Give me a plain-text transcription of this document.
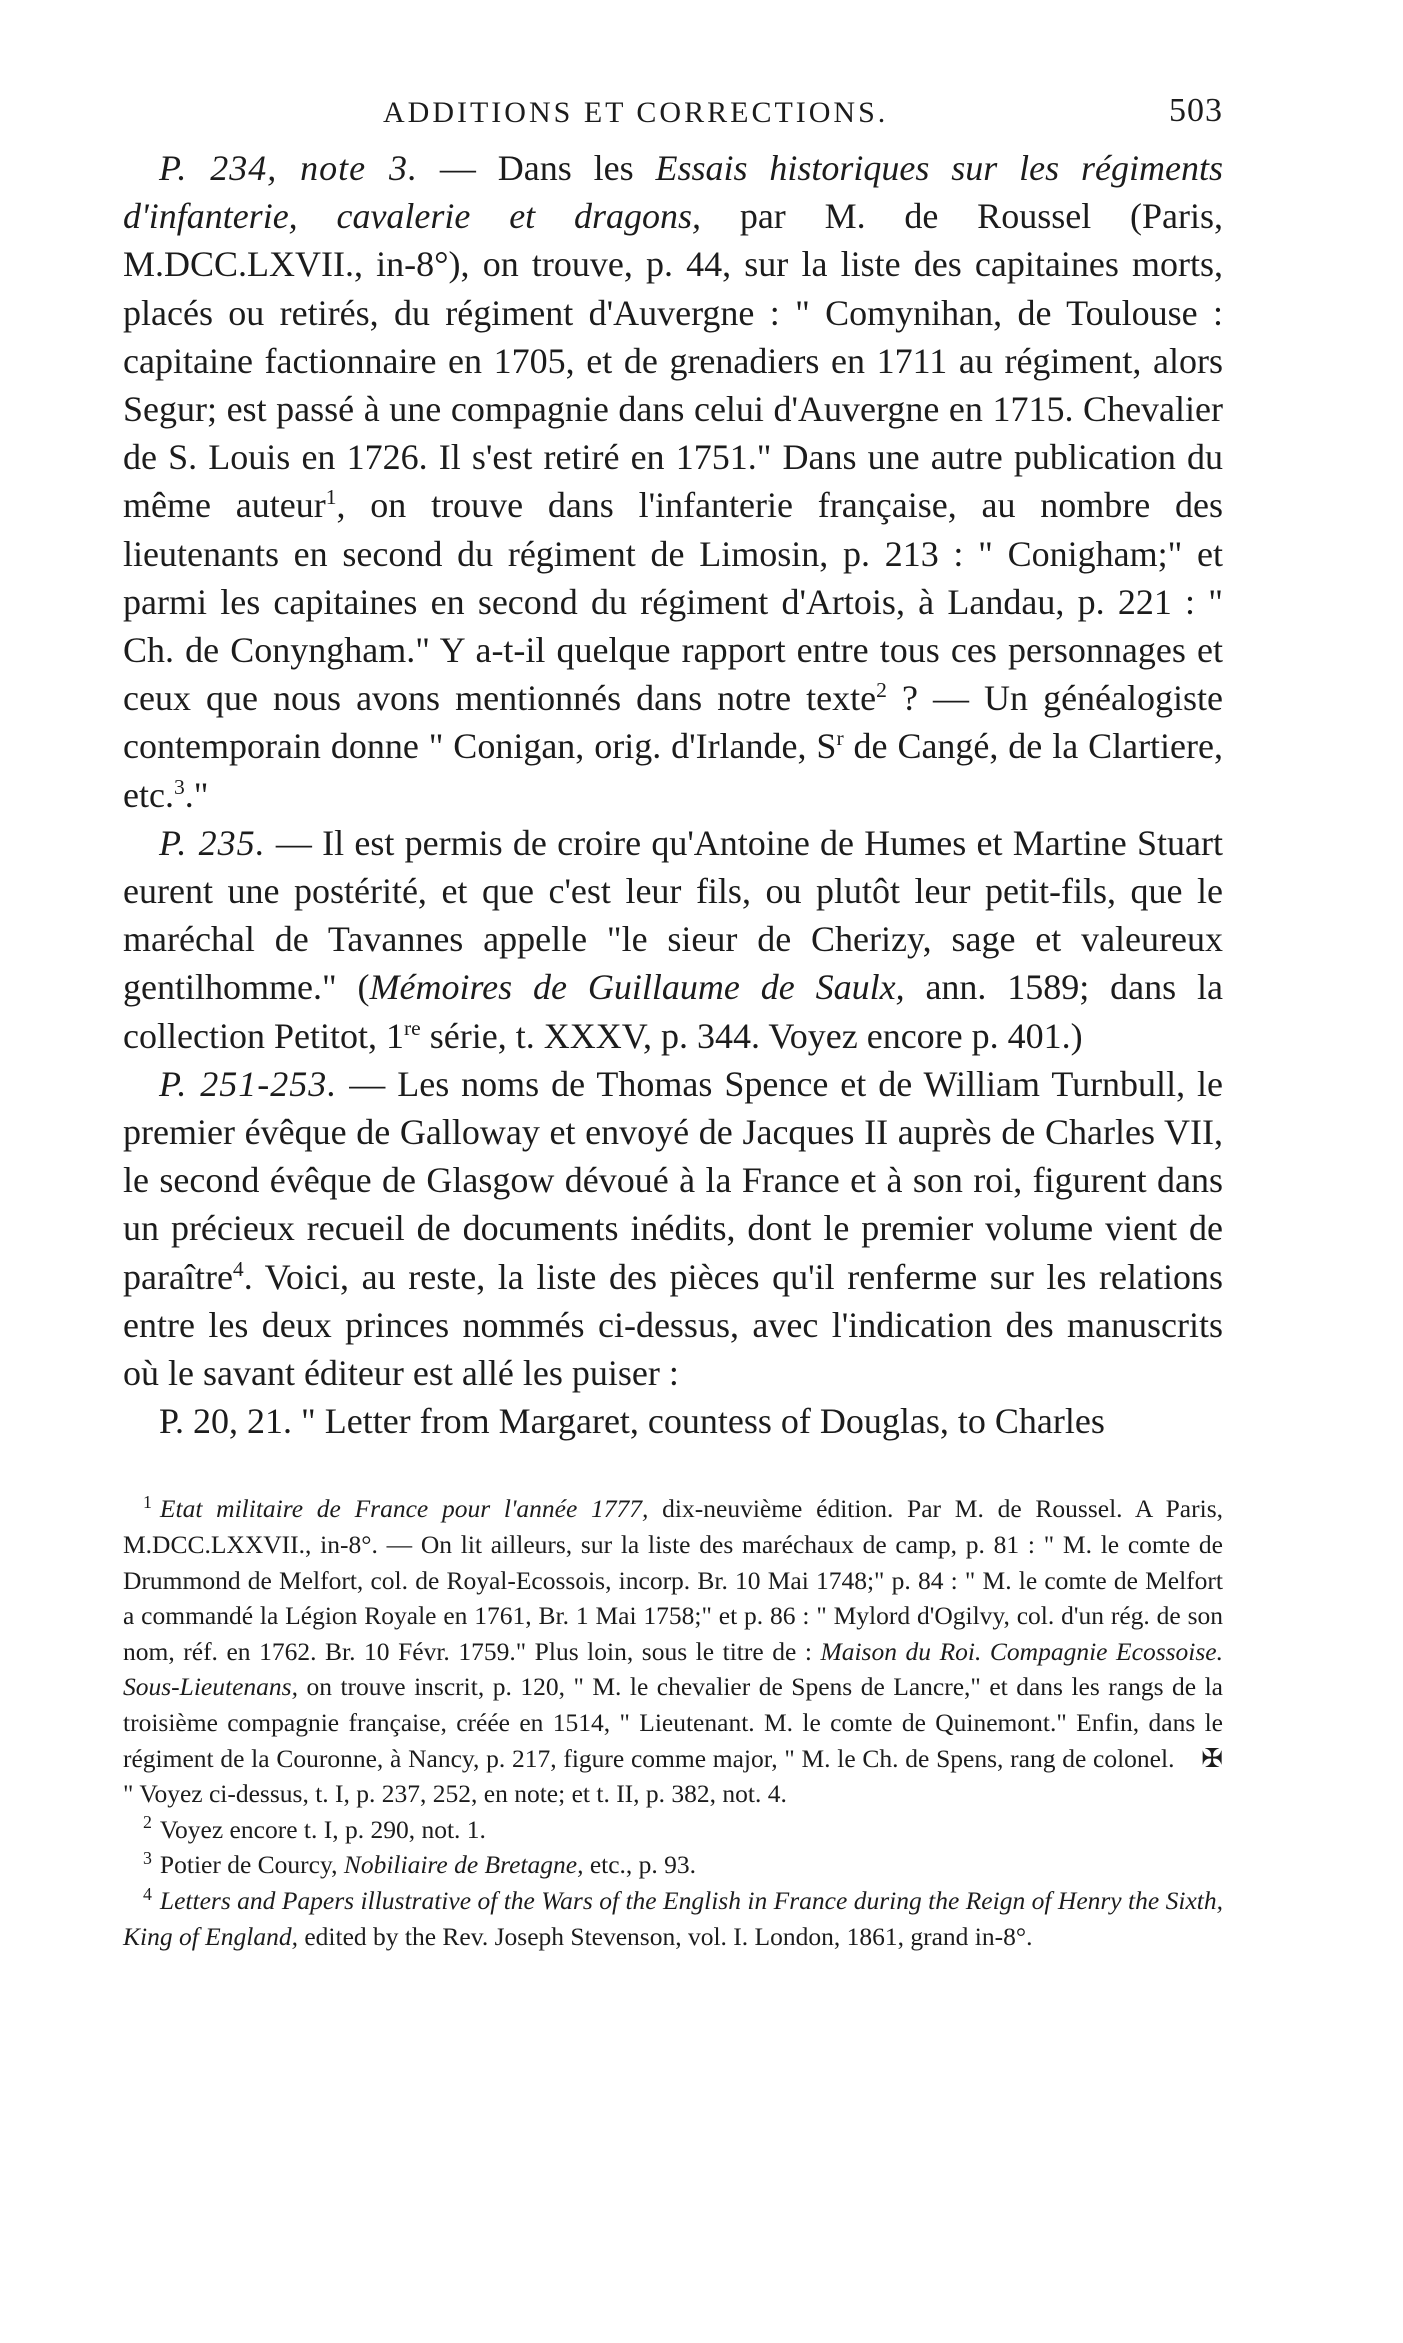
ADDITIONS ET CORRECTIONS.	503

P. 234, note 3. — Dans les Essais historiques sur les régiments d'infanterie, cavalerie et dragons, par M. de Roussel (Paris, M.DCC.LXVII., in-8°), on trouve, p. 44, sur la liste des capitaines morts, placés ou retirés, du régiment d'Auvergne : " Comynihan, de Toulouse : capitaine factionnaire en 1705, et de grenadiers en 1711 au régiment, alors Segur; est passé à une compagnie dans celui d'Auvergne en 1715. Chevalier de S. Louis en 1726. Il s'est retiré en 1751." Dans une autre publication du même auteur$^1$, on trouve dans l'infanterie française, au nombre des lieutenants en second du régiment de Limosin, p. 213 : " Conigham;" et parmi les capitaines en second du régiment d'Artois, à Landau, p. 221 : " Ch. de Conyngham." Y a-t-il quelque rapport entre tous ces personnages et ceux que nous avons mentionnés dans notre texte$^2$ ? — Un généalogiste contemporain donne " Conigan, orig. d'Irlande, $S^r$ de Cangé, de la Clartiere, etc.$^3$."

P. 235. — Il est permis de croire qu'Antoine de Humes et Martine Stuart eurent une postérité, et que c'est leur fils, ou plutôt leur petit-fils, que le maréchal de Tavannes appelle "le sieur de Cherizy, sage et valeureux gentilhomme." (Mémoires de Guillaume de Saulx, ann. 1589; dans la collection Petitot, 1re série, t. XXXV, p. 344. Voyez encore p. 401.)

P. 251-253. — Les noms de Thomas Spence et de William Turnbull, le premier évêque de Galloway et envoyé de Jacques II auprès de Charles VII, le second évêque de Glasgow dévoué à la France et à son roi, figurent dans un précieux recueil de documents inédits, dont le premier volume vient de paraître$^4$. Voici, au reste, la liste des pièces qu'il renferme sur les relations entre les deux princes nommés ci-dessus, avec l'indication des manuscrits où le savant éditeur est allé les puiser :

P. 20, 21. " Letter from Margaret, countess of Douglas, to Charles

$^1$ Etat militaire de France pour l'année 1777, dix-neuvième édition. Par M. de Roussel. A Paris, M.DCC.LXXVII., in-8°. — On lit ailleurs, sur la liste des maréchaux de camp, p. 81 : " M. le comte de Drummond de Melfort, col. de Royal-Ecossois, incorp. Br. 10 Mai 1748;" p. 84 : " M. le comte de Melfort a commandé la Légion Royale en 1761, Br. 1 Mai 1758;" et p. 86 : " Mylord d'Ogilvy, col. d'un rég. de son nom, réf. en 1762. Br. 10 Févr. 1759." Plus loin, sous le titre de : Maison du Roi. Compagnie Ecossoise. Sous-Lieutenans, on trouve inscrit, p. 120, " M. le chevalier de Spens de Lancre," et dans les rangs de la troisième compagnie française, créée en 1514, " Lieutenant. M. le comte de Quinemont." Enfin, dans le régiment de la Couronne, à Nancy, p. 217, figure comme major, " M. le Ch. de Spens, rang de colonel. ✠" Voyez ci-dessus, t. I, p. 237, 252, en note; et t. II, p. 382, not. 4.

$^2$ Voyez encore t. I, p. 290, not. 1.

$^3$ Potier de Courcy, Nobiliaire de Bretagne, etc., p. 93.

$^4$ Letters and Papers illustrative of the Wars of the English in France during the Reign of Henry the Sixth, King of England, edited by the Rev. Joseph Stevenson, vol. I. London, 1861, grand in-8°.
